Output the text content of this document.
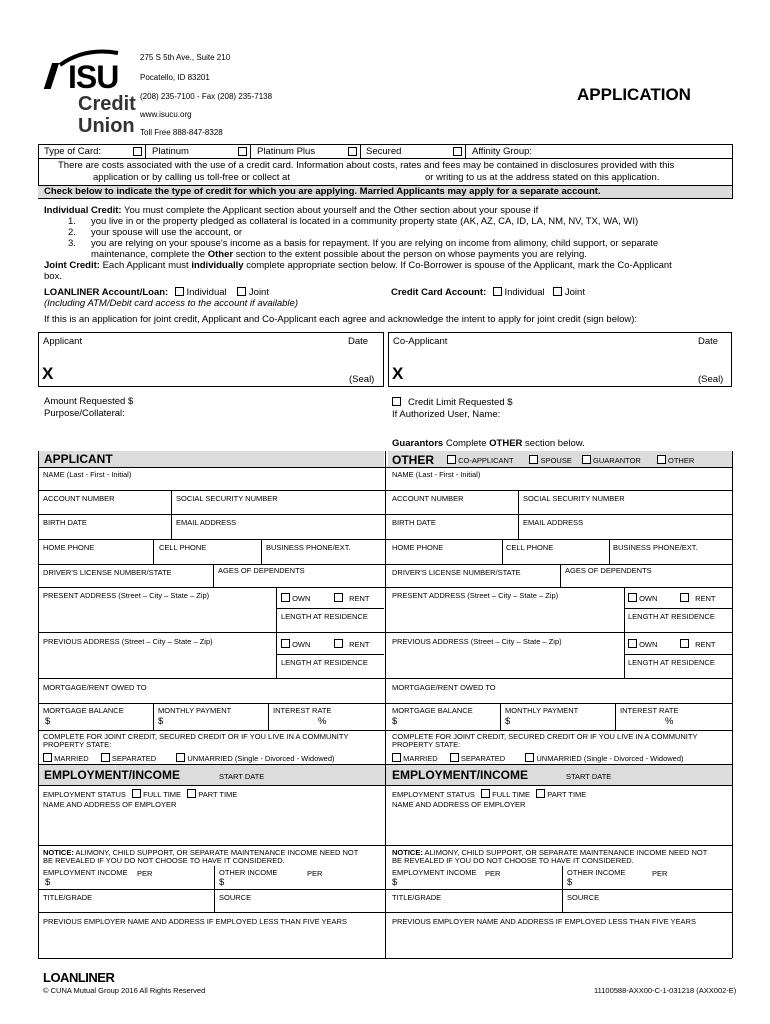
ISU
Credit
Union
275 S 5th Ave., Suite 210
Pocatello, ID 83201
(208) 235-7100 - Fax (208) 235-7138
www.isucu.org
Toll Free 888-847-8328
APPLICATION
Type of Card:	Platinum	Platinum Plus	Secured	Affinity Group:
There are costs associated with the use of a credit card. Information about costs, rates and fees may be contained in disclosures provided with this
application or by calling us toll-free or collect at	or writing to us at the address stated on this application.
Check below to indicate the type of credit for which you are applying. Married Applicants may apply for a separate account.
Individual Credit: You must complete the Applicant section about yourself and the Other section about your spouse if
1. you live in or the property pledged as collateral is located in a community property state (AK, AZ, CA, ID, LA, NM, NV, TX, WA, WI)
2. your spouse will use the account, or
3. you are relying on your spouse's income as a basis for repayment. If you are relying on income from alimony, child support, or separate
maintenance, complete the Other section to the extent possible about the person on whose payments you are relying.
Joint Credit: Each Applicant must individually complete appropriate section below. If Co-Borrower is spouse of the Applicant, mark the Co-Applicant
box.
LOANLINER Account/Loan: Individual Joint
(Including ATM/Debit card access to the account if available)
Credit Card Account: Individual Joint
If this is an application for joint credit, Applicant and Co-Applicant each agree and acknowledge the intent to apply for joint credit (sign below):
Applicant	Date
X	(Seal)
Co-Applicant	Date
X	(Seal)
Amount Requested $
Purpose/Collateral:
Credit Limit Requested $
If Authorized User, Name:
Guarantors Complete OTHER section below.
APPLICANT	OTHER	CO-APPLICANT	SPOUSE	GUARANTOR	OTHER
NAME (Last - First - Initial)
ACCOUNT NUMBER	SOCIAL SECURITY NUMBER
BIRTH DATE	EMAIL ADDRESS
HOME PHONE	CELL PHONE	BUSINESS PHONE/EXT.
DRIVER'S LICENSE NUMBER/STATE	AGES OF DEPENDENTS
PRESENT ADDRESS (Street – City – State – Zip)	OWN	RENT
LENGTH AT RESIDENCE
PREVIOUS ADDRESS (Street – City – State – Zip)	OWN	RENT
LENGTH AT RESIDENCE
MORTGAGE/RENT OWED TO
MORTGAGE BALANCE
$
MONTHLY PAYMENT
$
INTEREST RATE
%
COMPLETE FOR JOINT CREDIT, SECURED CREDIT OR IF YOU LIVE IN A COMMUNITY
PROPERTY STATE:
MARRIED	SEPARATED	UNMARRIED (Single - Divorced - Widowed)
EMPLOYMENT/INCOME	START DATE
EMPLOYMENT STATUS FULL TIME PART TIME
NAME AND ADDRESS OF EMPLOYER
NOTICE: ALIMONY, CHILD SUPPORT, OR SEPARATE MAINTENANCE INCOME NEED NOT
BE REVEALED IF YOU DO NOT CHOOSE TO HAVE IT CONSIDERED.
EMPLOYMENT INCOME PER
$
OTHER INCOME	PER
$
TITLE/GRADE	SOURCE
PREVIOUS EMPLOYER NAME AND ADDRESS IF EMPLOYED LESS THAN FIVE YEARS
NAME (Last - First - Initial)
ACCOUNT NUMBER	SOCIAL SECURITY NUMBER
BIRTH DATE	EMAIL ADDRESS
HOME PHONE	CELL PHONE	BUSINESS PHONE/EXT.
DRIVER'S LICENSE NUMBER/STATE	AGES OF DEPENDENTS
PRESENT ADDRESS (Street – City – State – Zip)	OWN	RENT
LENGTH AT RESIDENCE
PREVIOUS ADDRESS (Street – City – State – Zip)	OWN	RENT
LENGTH AT RESIDENCE
MORTGAGE/RENT OWED TO
MORTGAGE BALANCE
$
MONTHLY PAYMENT
$
INTEREST RATE
%
COMPLETE FOR JOINT CREDIT, SECURED CREDIT OR IF YOU LIVE IN A COMMUNITY
PROPERTY STATE:
MARRIED	SEPARATED	UNMARRIED (Single - Divorced - Widowed)
EMPLOYMENT/INCOME	START DATE
EMPLOYMENT STATUS FULL TIME PART TIME
NAME AND ADDRESS OF EMPLOYER
NOTICE: ALIMONY, CHILD SUPPORT, OR SEPARATE MAINTENANCE INCOME NEED NOT
BE REVEALED IF YOU DO NOT CHOOSE TO HAVE IT CONSIDERED.
EMPLOYMENT INCOME PER
$
OTHER INCOME	PER
$
TITLE/GRADE	SOURCE
PREVIOUS EMPLOYER NAME AND ADDRESS IF EMPLOYED LESS THAN FIVE YEARS
LOANLINER
© CUNA Mutual Group 2016 All Rights Reserved	11100588-AXX00-C-1-031218 (AXX002-E)
